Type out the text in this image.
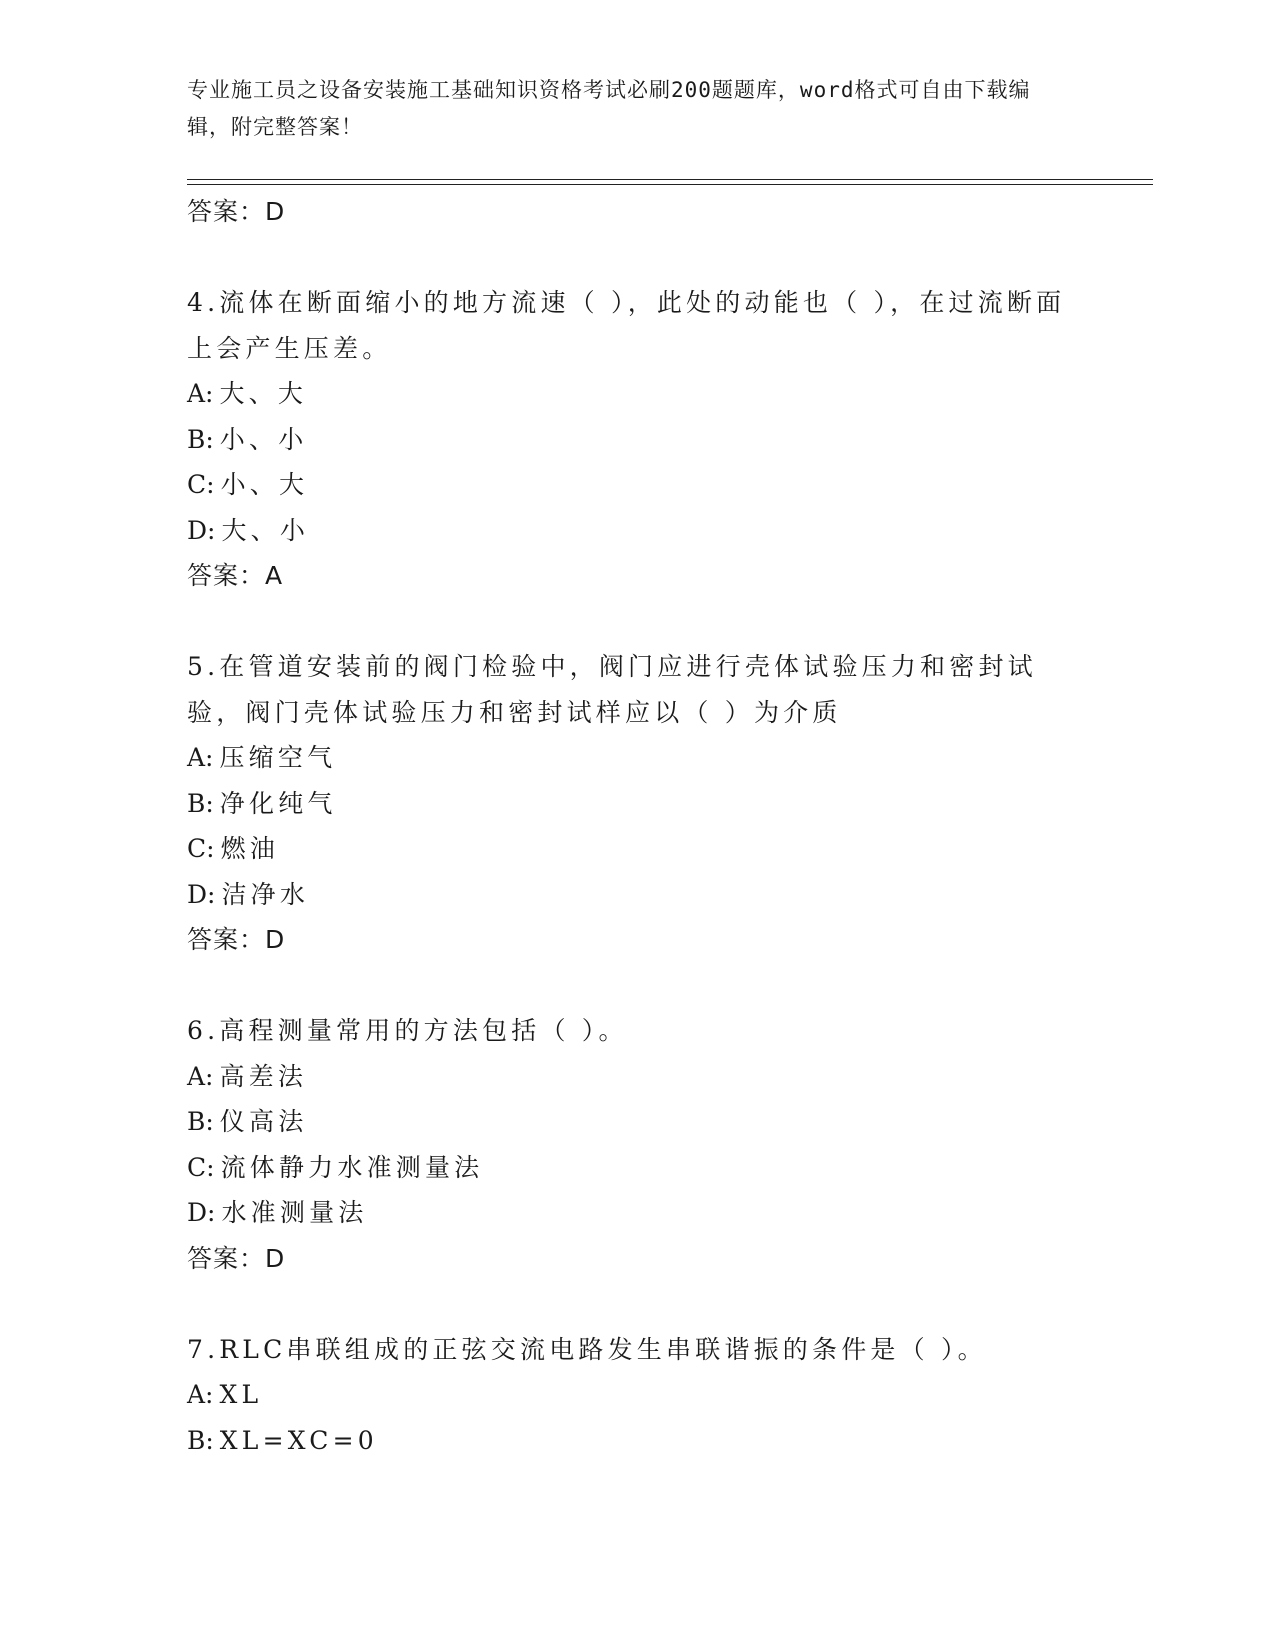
专业施工员之设备安装施工基础知识资格考试必刷200题题库，word格式可自由下载编辑，附完整答案！
答案：D
4.流体在断面缩小的地方流速（ ），此处的动能也（ ），在过流断面上会产生压差。
A: 大、大
B: 小、小
C: 小、大
D: 大、小
答案：A
5.在管道安装前的阀门检验中，阀门应进行壳体试验压力和密封试验，阀门壳体试验压力和密封试样应以（ ）为介质
A: 压缩空气
B: 净化纯气
C: 燃油
D: 洁净水
答案：D
6.高程测量常用的方法包括（ ）。
A: 高差法
B: 仪高法
C: 流体静力水准测量法
D: 水准测量法
答案：D
7.RLC串联组成的正弦交流电路发生串联谐振的条件是（ ）。
A: XL
B: XL=XC=0
